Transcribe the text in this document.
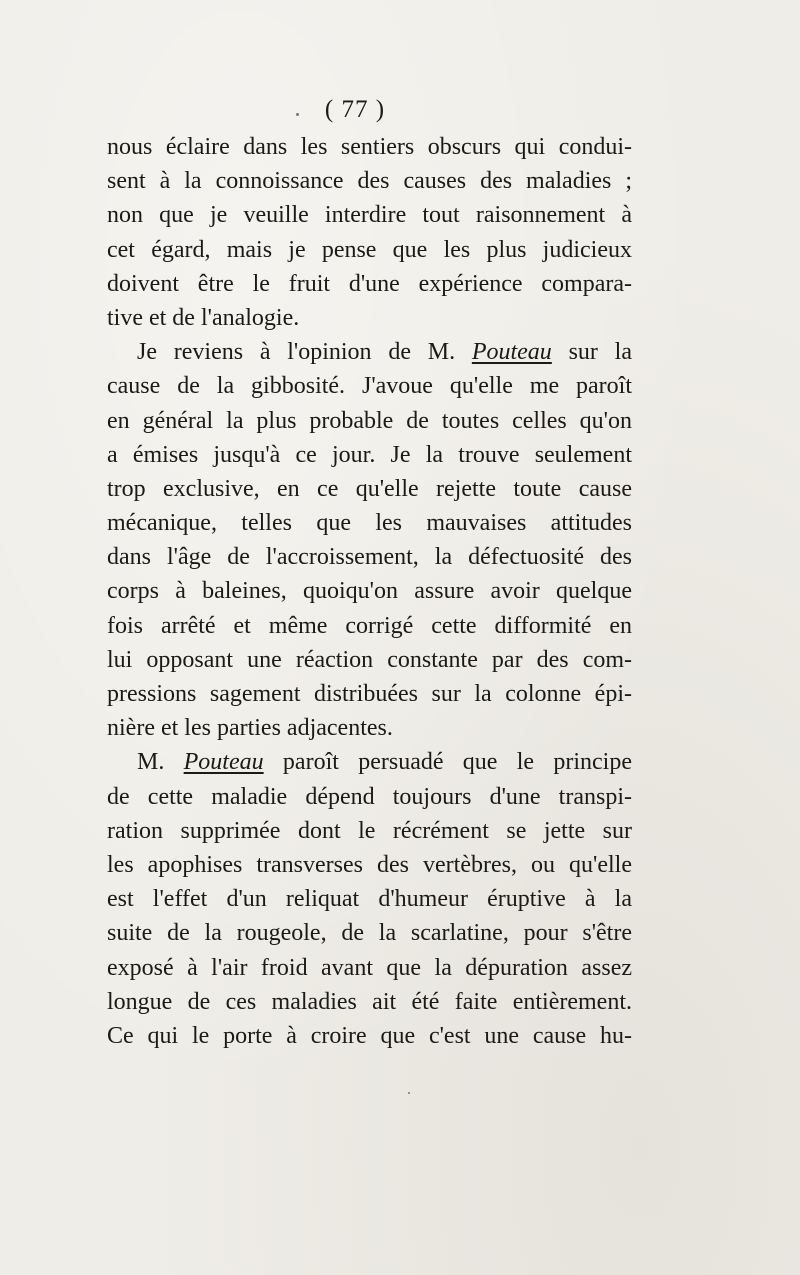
( 77 )
nous éclaire dans les sentiers obscurs qui condui-
sent à la connoissance des causes des maladies ;
non que je veuille interdire tout raisonnement à
cet égard, mais je pense que les plus judicieux
doivent être le fruit d'une expérience compara-
tive et de l'analogie.
Je reviens à l'opinion de M. Pouteau sur la
cause de la gibbosité. J'avoue qu'elle me paroît
en général la plus probable de toutes celles qu'on
a émises jusqu'à ce jour. Je la trouve seulement
trop exclusive, en ce qu'elle rejette toute cause
mécanique, telles que les mauvaises attitudes
dans l'âge de l'accroissement, la défectuosité des
corps à baleines, quoiqu'on assure avoir quelque
fois arrêté et même corrigé cette difformité en
lui opposant une réaction constante par des com-
pressions sagement distribuées sur la colonne épi-
nière et les parties adjacentes.
M. Pouteau paroît persuadé que le principe
de cette maladie dépend toujours d'une transpi-
ration supprimée dont le récrément se jette sur
les apophises transverses des vertèbres, ou qu'elle
est l'effet d'un reliquat d'humeur éruptive à la
suite de la rougeole, de la scarlatine, pour s'être
exposé à l'air froid avant que la dépuration assez
longue de ces maladies ait été faite entièrement.
Ce qui le porte à croire que c'est une cause hu-
